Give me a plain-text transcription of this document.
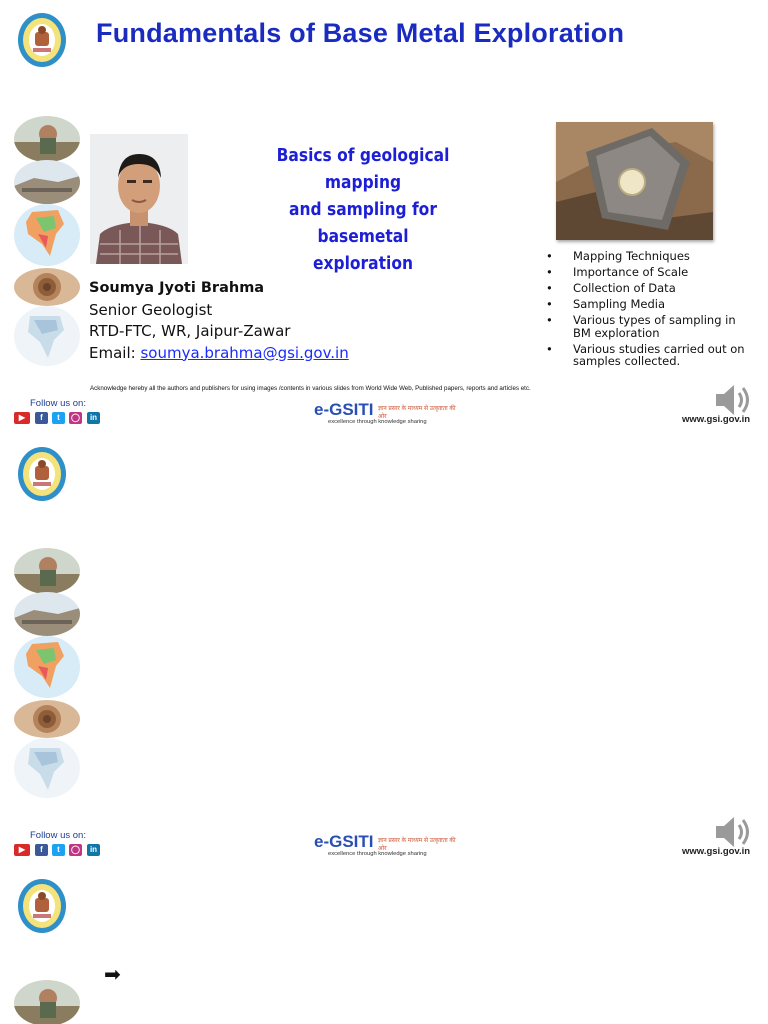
Fundamentals of Base Metal Exploration
Basics of geological mapping
and sampling for basemetal
exploration
Soumya Jyoti Brahma
Senior Geologist
RTD-FTC, WR, Jaipur-Zawar
Email: soumya.brahma@gsi.gov.in
• Mapping Techniques
• Importance of Scale
• Collection of Data
• Sampling Media
• Various types of sampling in BM exploration
• Various studies carried out on samples collected.
Acknowledge hereby all the authors and publishers for using images /contents in various slides from World Wide Web, Published papers, reports and articles etc.
Follow us on:
▶	f	t	◯	in	e-GSITI ज्ञान प्रसार के माध्यम से उत्कृष्टता की ओर
excellence through knowledge sharing	www.gsi.gov.in
Follow us on:
▶	f	t	◯	in	e-GSITI ज्ञान प्रसार के माध्यम से उत्कृष्टता की ओर
excellence through knowledge sharing	www.gsi.gov.in
➡
